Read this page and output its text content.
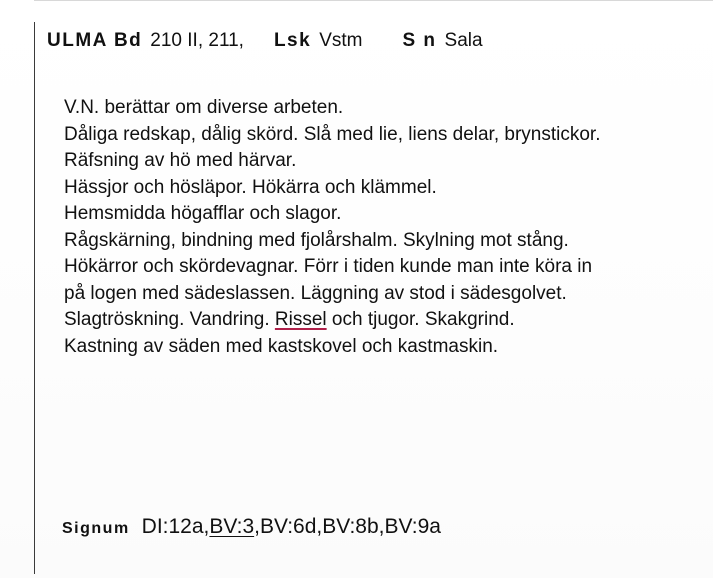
ULMA Bd 210 II, 211, Lsk Vstm S n Sala
V.N. berättar om diverse arbeten.
Dåliga redskap, dålig skörd. Slå med lie, liens delar, brynstickor.
Räfsning av hö med härvar.
Hässjor och hösläpor. Hökärra och klämmel.
Hemsmidda högafflar och slagor.
Rågskärning, bindning med fjolårshalm. Skylning mot stång.
Hökärror och skördevagnar. Förr i tiden kunde man inte köra in
på logen med sädeslassen. Läggning av stod i sädesgolvet.
Slagtröskning. Vandring. Rissel och tjugor. Skakgrind.
Kastning av säden med kastskovel och kastmaskin.
Signum DI:12a,BV:3,BV:6d,BV:8b,BV:9a
